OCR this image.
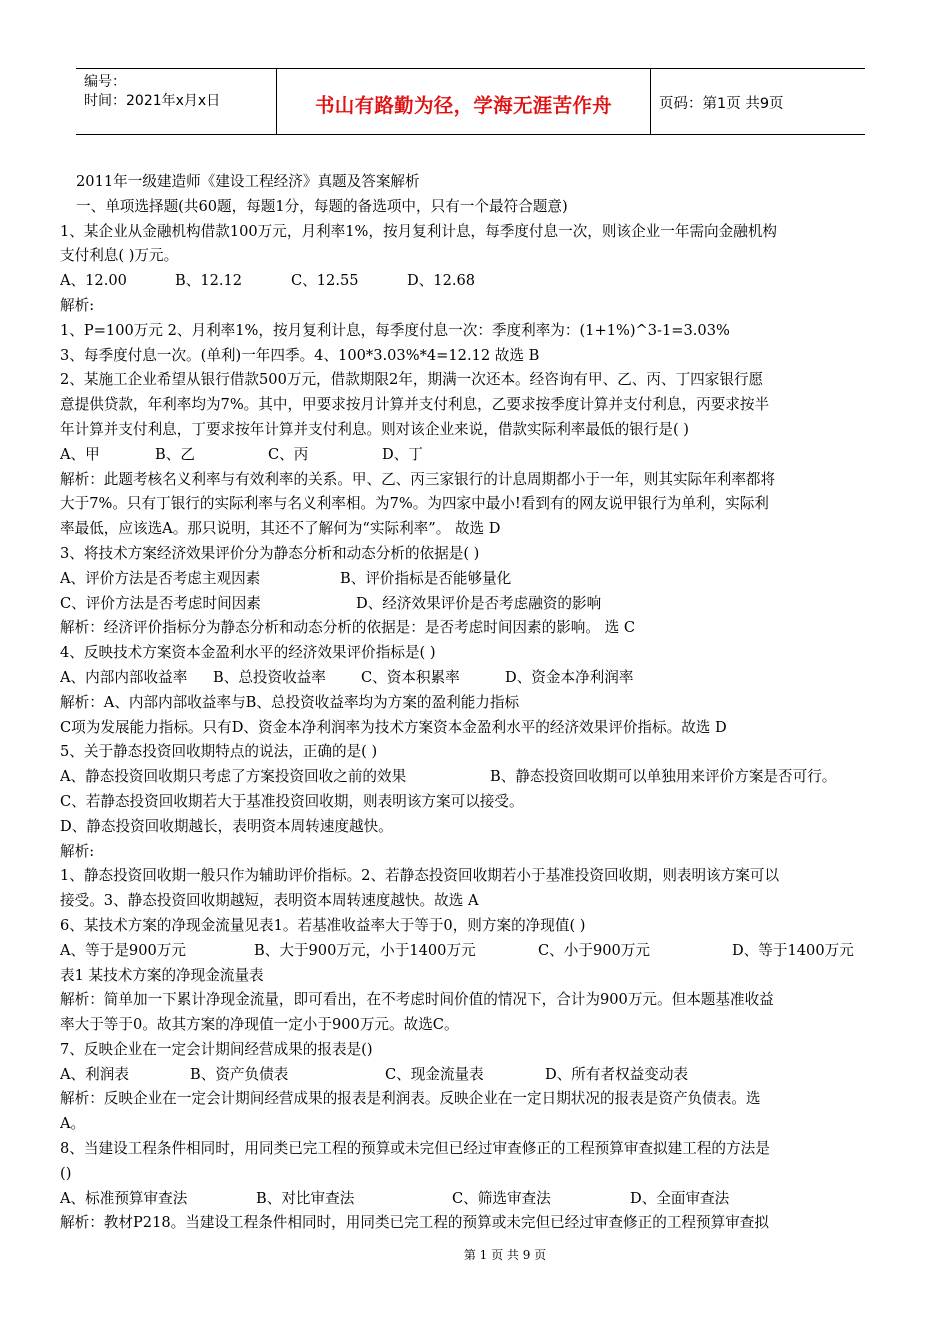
编号：
时间：2021年x月x日	书山有路勤为径，学海无涯苦作舟	页码：第1页 共9页

2011年一级建造师《建设工程经济》真题及答案解析

一、单项选择题(共60题，每题1分，每题的备选项中，只有一个最符合题意)

1、某企业从金融机构借款100万元，月利率1%，按月复利计息，每季度付息一次，则该企业一年需向金融机构

支付利息( )万元。

A、12.00	B、12.12	C、12.55	D、12.68

解析:

1、P=100万元 2、月利率1%，按月复利计息，每季度付息一次：季度利率为：(1+1%)^3-1=3.03%

3、每季度付息一次。(单利)一年四季。4、100*3.03%*4=12.12 故选 B

2、某施工企业希望从银行借款500万元，借款期限2年，期满一次还本。经咨询有甲、乙、丙、丁四家银行愿

意提供贷款，年利率均为7%。其中，甲要求按月计算并支付利息，乙要求按季度计算并支付利息，丙要求按半

年计算并支付利息，丁要求按年计算并支付利息。则对该企业来说，借款实际利率最低的银行是( )

A、甲	B、乙	C、丙	D、丁

解析：此题考核名义利率与有效利率的关系。甲、乙、丙三家银行的计息周期都小于一年，则其实际年利率都将

大于7%。只有丁银行的实际利率与名义利率相。为7%。为四家中最小!看到有的网友说甲银行为单利，实际利

率最低，应该选A。那只说明，其还不了解何为“实际利率”。 故选 D

3、将技术方案经济效果评价分为静态分析和动态分析的依据是( )

A、评价方法是否考虑主观因素	B、评价指标是否能够量化

C、评价方法是否考虑时间因素	D、经济效果评价是否考虑融资的影响

解析：经济评价指标分为静态分析和动态分析的依据是：是否考虑时间因素的影响。 选 C

4、反映技术方案资本金盈利水平的经济效果评价指标是( )

A、内部内部收益率 B、总投资收益率 C、资本积累率	D、资金本净利润率

解析：A、内部内部收益率与B、总投资收益率均为方案的盈利能力指标

C项为发展能力指标。只有D、资金本净利润率为技术方案资本金盈利水平的经济效果评价指标。故选 D

5、关于静态投资回收期特点的说法，正确的是( )

A、静态投资回收期只考虑了方案投资回收之前的效果	B、静态投资回收期可以单独用来评价方案是否可行。

C、若静态投资回收期若大于基准投资回收期，则表明该方案可以接受。

D、静态投资回收期越长，表明资本周转速度越快。

解析:

1、静态投资回收期一般只作为辅助评价指标。2、若静态投资回收期若小于基准投资回收期，则表明该方案可以

接受。3、静态投资回收期越短，表明资本周转速度越快。故选 A

6、某技术方案的净现金流量见表1。若基准收益率大于等于0，则方案的净现值( )

A、等于是900万元	B、大于900万元，小于1400万元	C、小于900万元	D、等于1400万元

表1 某技术方案的净现金流量表

解析：简单加一下累计净现金流量，即可看出，在不考虑时间价值的情况下，合计为900万元。但本题基准收益

率大于等于0。故其方案的净现值一定小于900万元。故选C。

7、反映企业在一定会计期间经营成果的报表是()

A、利润表	B、资产负债表	C、现金流量表	D、所有者权益变动表

解析：反映企业在一定会计期间经营成果的报表是利润表。反映企业在一定日期状况的报表是资产负债表。选

A。

8、当建设工程条件相同时，用同类已完工程的预算或未完但已经过审查修正的工程预算审查拟建工程的方法是

()

A、标准预算审查法	B、对比审查法	C、筛选审查法	D、全面审查法

解析：教材P218。当建设工程条件相同时，用同类已完工程的预算或未完但已经过审查修正的工程预算审查拟

第 1 页 共 9 页
